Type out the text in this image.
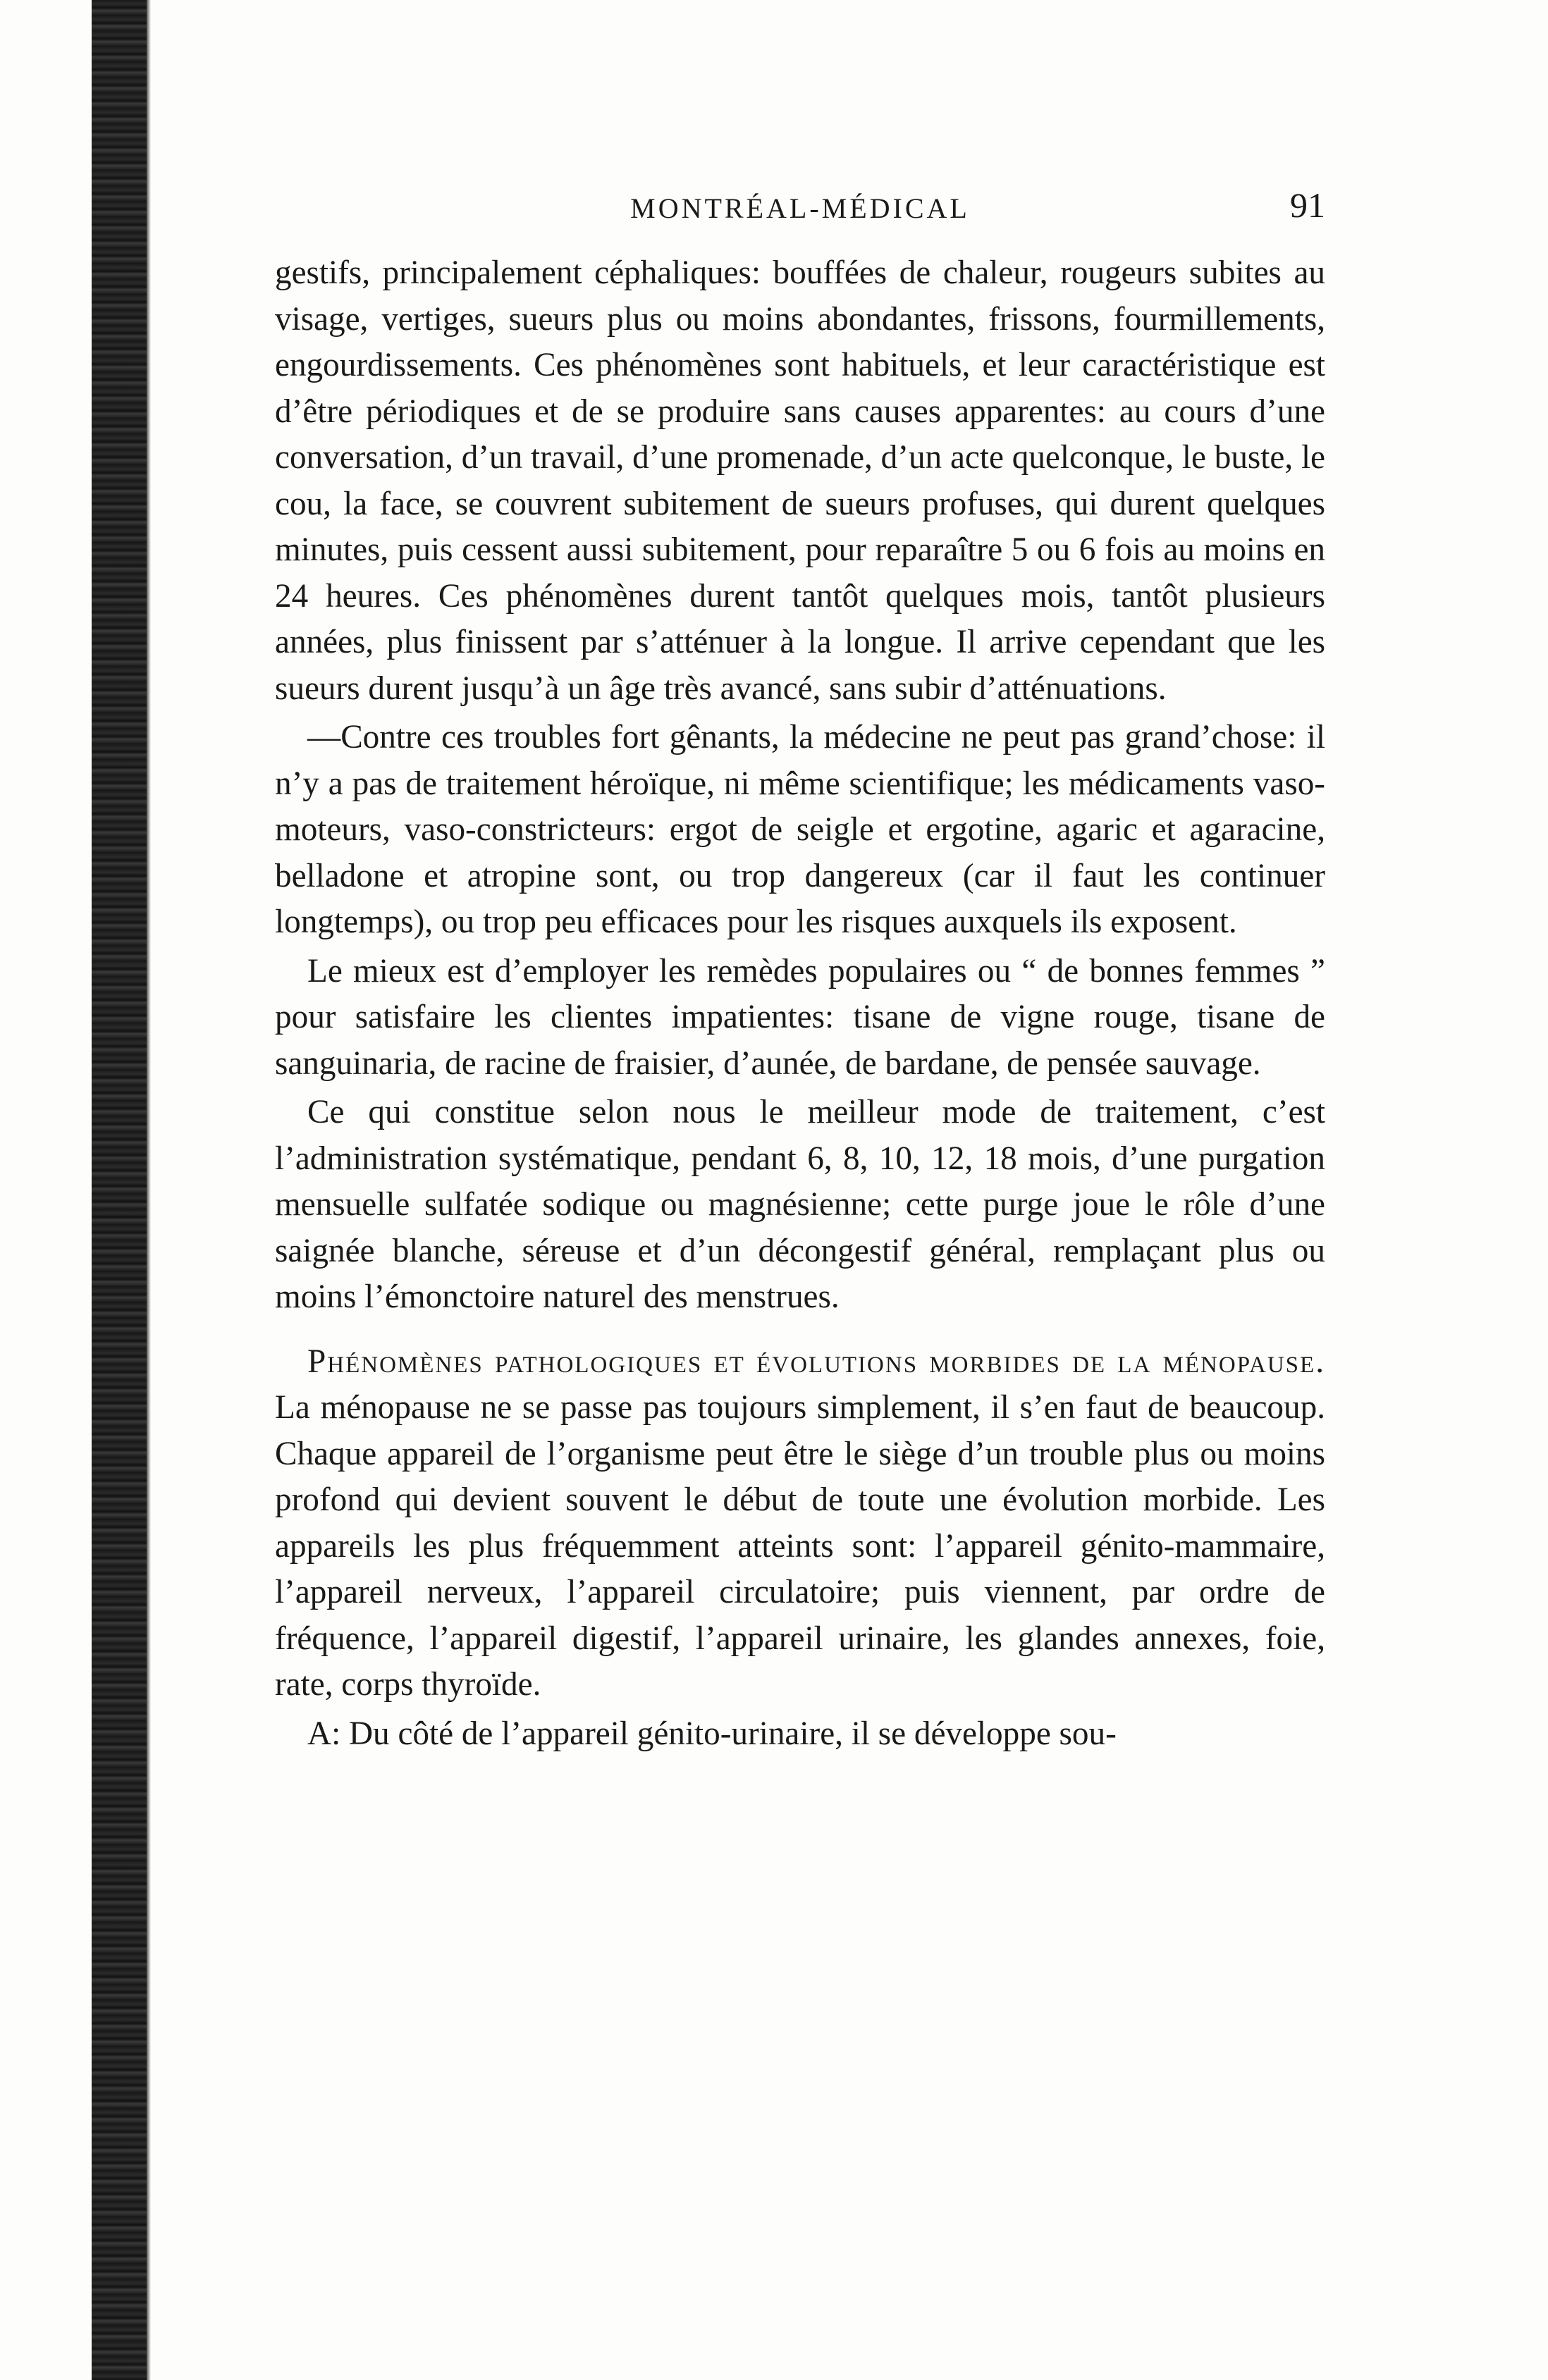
MONTRÉAL-MÉDICAL	91

gestifs, principalement céphaliques: bouffées de chaleur, rougeurs subites au visage, vertiges, sueurs plus ou moins abondantes, frissons, fourmillements, engourdissements. Ces phénomènes sont habituels, et leur caractéristique est d’être périodiques et de se produire sans causes apparentes: au cours d’une conversation, d’un travail, d’une promenade, d’un acte quelconque, le buste, le cou, la face, se couvrent subitement de sueurs profuses, qui durent quelques minutes, puis cessent aussi subitement, pour reparaître 5 ou 6 fois au moins en 24 heures. Ces phénomènes durent tantôt quelques mois, tantôt plusieurs années, plus finissent par s’atténuer à la longue. Il arrive cependant que les sueurs durent jusqu’à un âge très avancé, sans subir d’atténuations.

—Contre ces troubles fort gênants, la médecine ne peut pas grand’chose: il n’y a pas de traitement héroïque, ni même scientifique; les médicaments vaso-moteurs, vaso-constricteurs: ergot de seigle et ergotine, agaric et agaracine, belladone et atropine sont, ou trop dangereux (car il faut les continuer longtemps), ou trop peu efficaces pour les risques auxquels ils exposent.

Le mieux est d’employer les remèdes populaires ou “ de bonnes femmes ” pour satisfaire les clientes impatientes: tisane de vigne rouge, tisane de sanguinaria, de racine de fraisier, d’aunée, de bardane, de pensée sauvage.

Ce qui constitue selon nous le meilleur mode de traitement, c’est l’administration systématique, pendant 6, 8, 10, 12, 18 mois, d’une purgation mensuelle sulfatée sodique ou magnésienne; cette purge joue le rôle d’une saignée blanche, séreuse et d’un décongestif général, remplaçant plus ou moins l’émonctoire naturel des menstrues.

Phénomènes pathologiques et évolutions morbides de la ménopause. La ménopause ne se passe pas toujours simplement, il s’en faut de beaucoup. Chaque appareil de l’organisme peut être le siège d’un trouble plus ou moins profond qui devient souvent le début de toute une évolution morbide. Les appareils les plus fréquemment atteints sont: l’appareil génito-mammaire, l’appareil nerveux, l’appareil circulatoire; puis viennent, par ordre de fréquence, l’appareil digestif, l’appareil urinaire, les glandes annexes, foie, rate, corps thyroïde.

A: Du côté de l’appareil génito-urinaire, il se développe sou-
